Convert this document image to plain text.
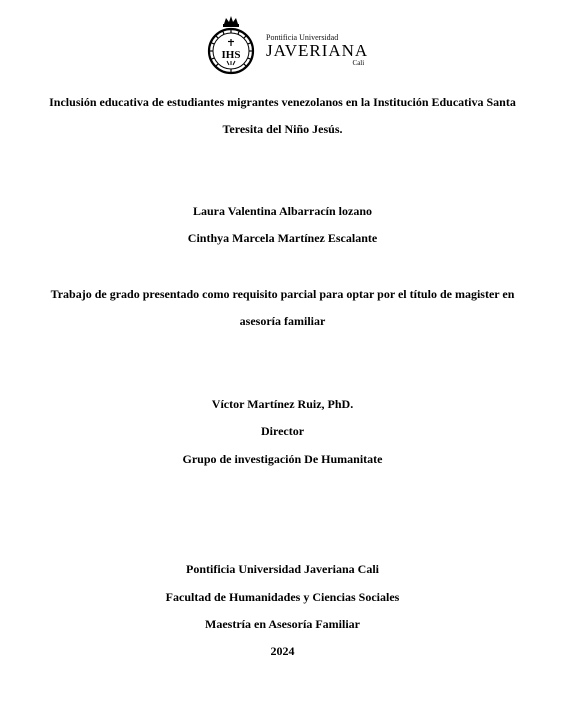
IHS
Pontificia Universidad
JAVERIANA
Cali
Inclusión educativa de estudiantes migrantes venezolanos en la Institución Educativa Santa
Teresita del Niño Jesús.
Laura Valentina Albarracín lozano
Cinthya Marcela Martínez Escalante
Trabajo de grado presentado como requisito parcial para optar por el título de magister en
asesoría familiar
Víctor Martínez Ruiz, PhD.
Director
Grupo de investigación De Humanitate
Pontificia Universidad Javeriana Cali
Facultad de Humanidades y Ciencias Sociales
Maestría en Asesoría Familiar
2024
